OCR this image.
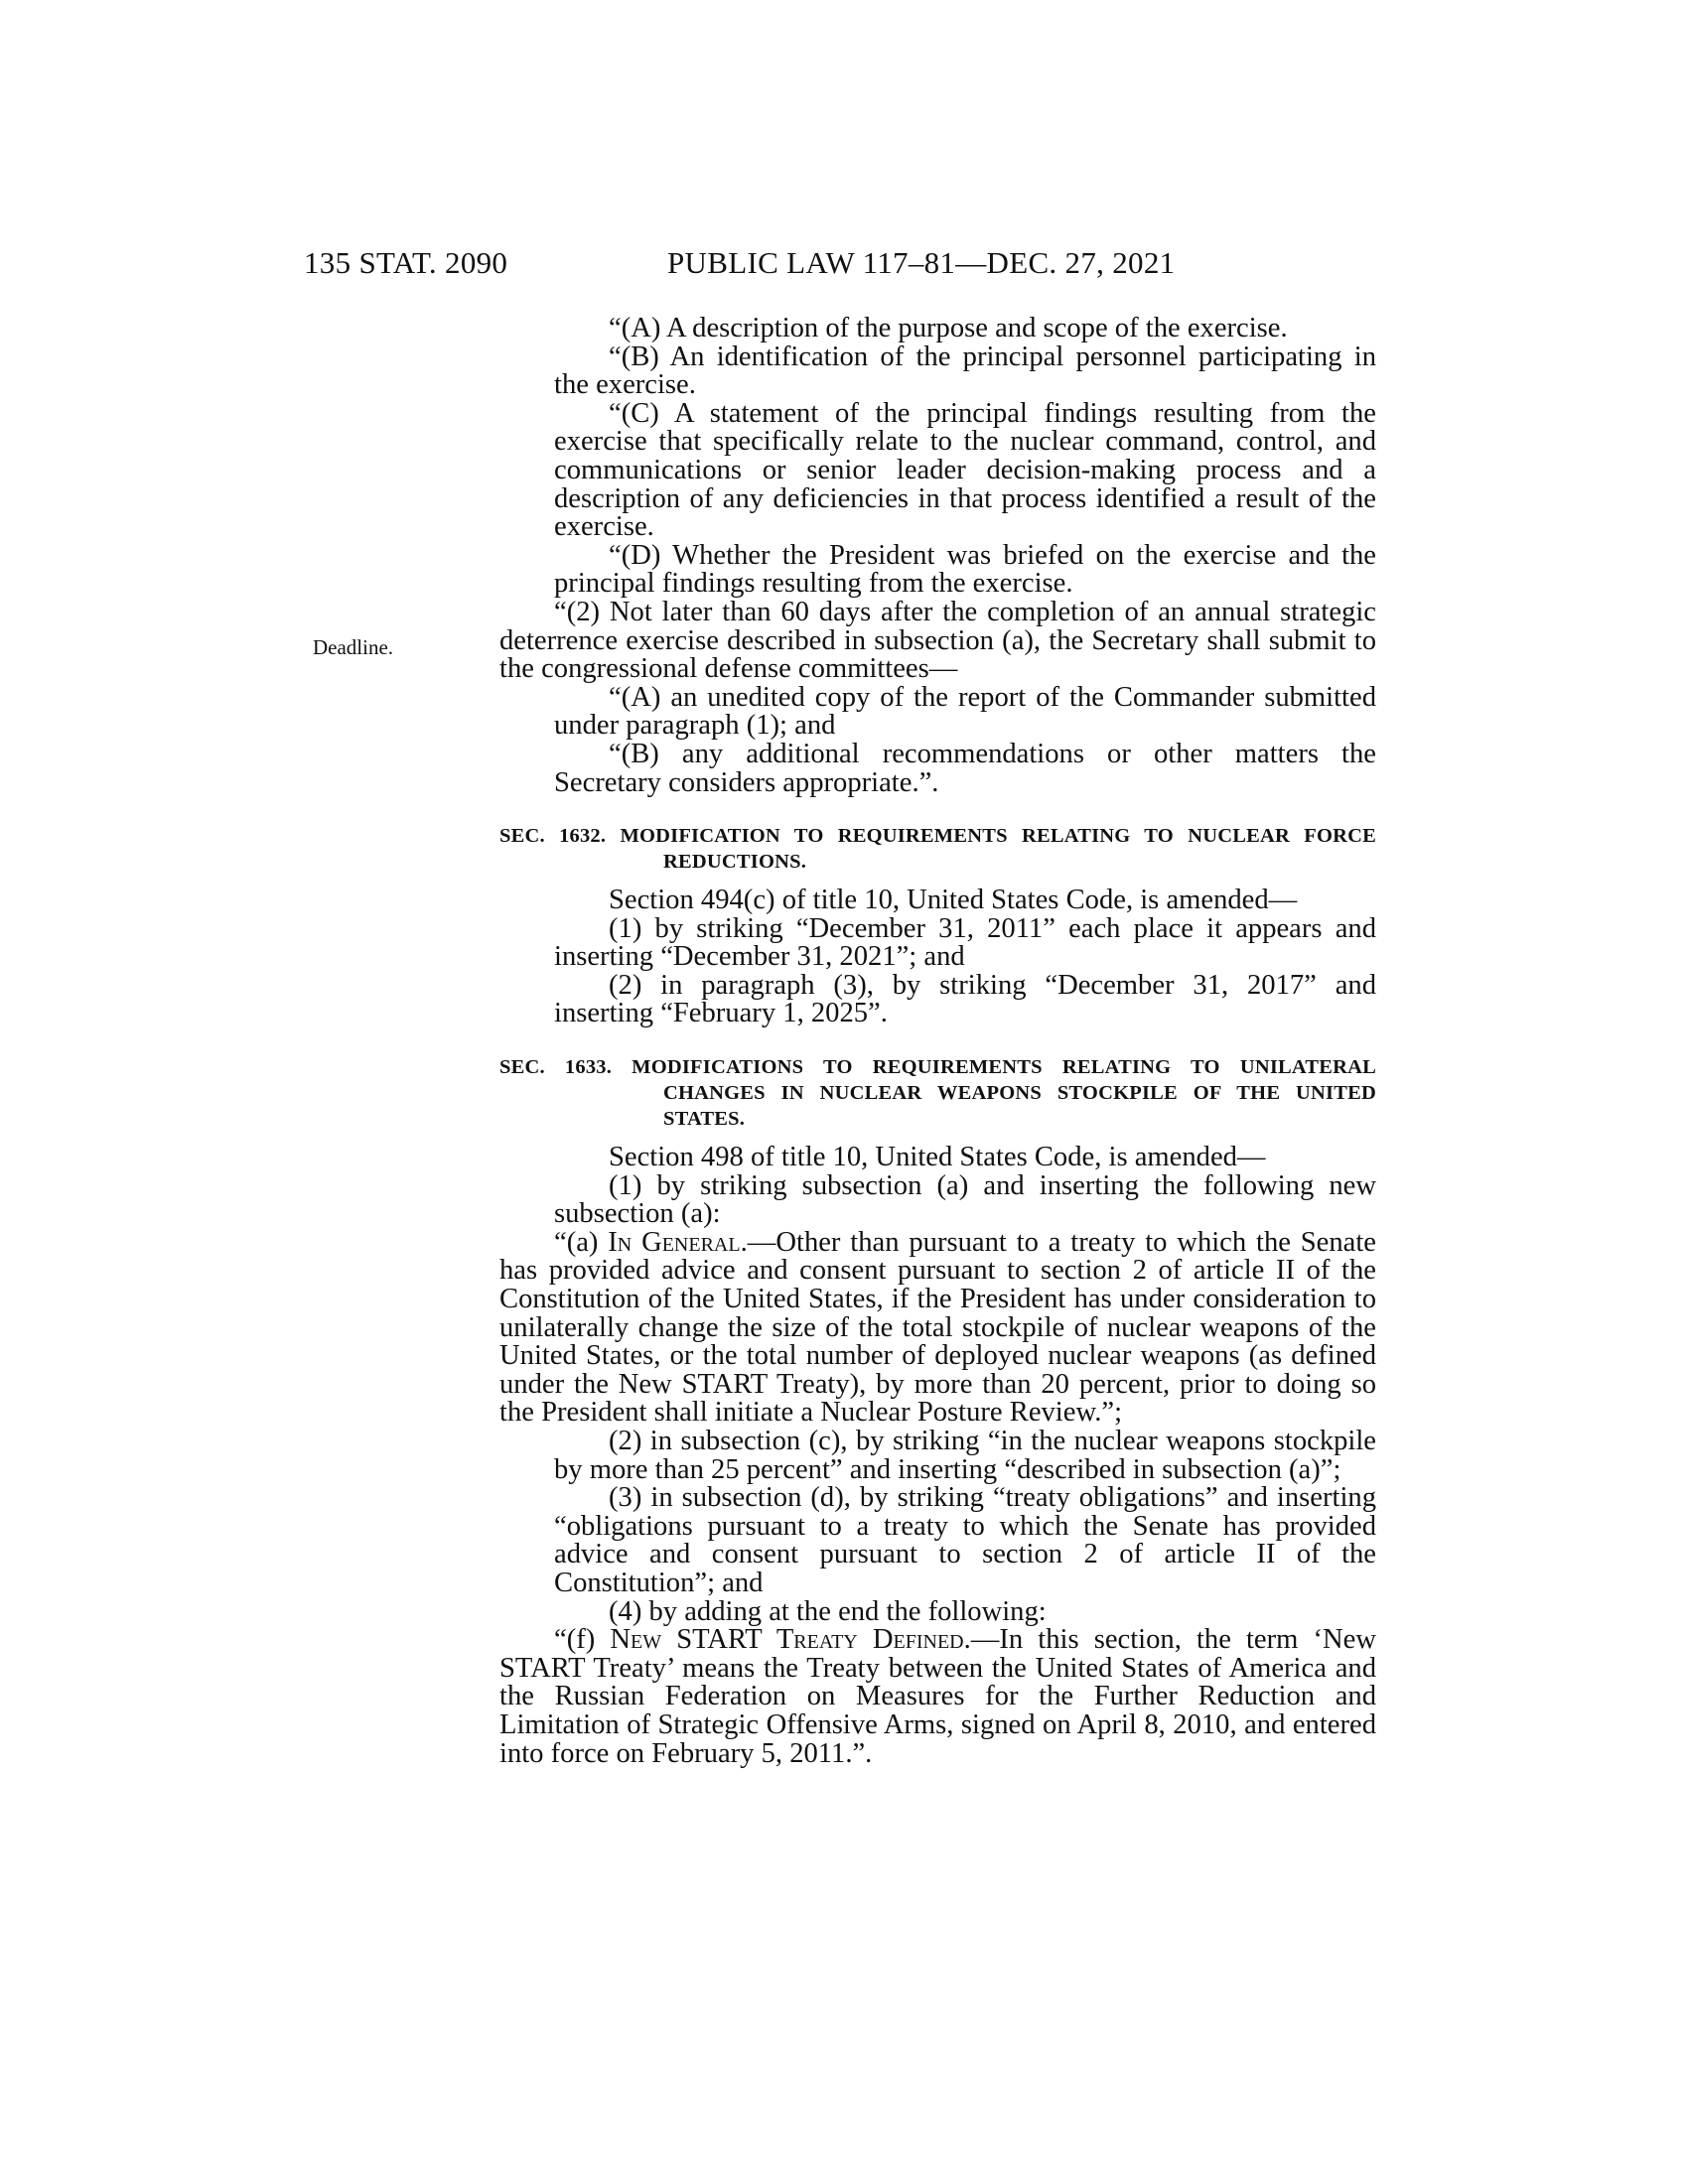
135 STAT. 2090	PUBLIC LAW 117–81—DEC. 27, 2021
Deadline.

“(A) A description of the purpose and scope of the exercise.

“(B) An identification of the principal personnel participating in the exercise.

“(C) A statement of the principal findings resulting from the exercise that specifically relate to the nuclear command, control, and communications or senior leader decision-making process and a description of any deficiencies in that process identified a result of the exercise.

“(D) Whether the President was briefed on the exercise and the principal findings resulting from the exercise.

“(2) Not later than 60 days after the completion of an annual strategic deterrence exercise described in subsection (a), the Secretary shall submit to the congressional defense committees—

“(A) an unedited copy of the report of the Commander submitted under paragraph (1); and

“(B) any additional recommendations or other matters the Secretary considers appropriate.”.

SEC. 1632. MODIFICATION TO REQUIREMENTS RELATING TO NUCLEAR FORCE REDUCTIONS.

Section 494(c) of title 10, United States Code, is amended—

(1) by striking “December 31, 2011” each place it appears and inserting “December 31, 2021”; and

(2) in paragraph (3), by striking “December 31, 2017” and inserting “February 1, 2025”.

SEC. 1633. MODIFICATIONS TO REQUIREMENTS RELATING TO UNILATERAL CHANGES IN NUCLEAR WEAPONS STOCKPILE OF THE UNITED STATES.

Section 498 of title 10, United States Code, is amended—

(1) by striking subsection (a) and inserting the following new subsection (a):

“(a) In General.—Other than pursuant to a treaty to which the Senate has provided advice and consent pursuant to section 2 of article II of the Constitution of the United States, if the President has under consideration to unilaterally change the size of the total stockpile of nuclear weapons of the United States, or the total number of deployed nuclear weapons (as defined under the New START Treaty), by more than 20 percent, prior to doing so the President shall initiate a Nuclear Posture Review.”;

(2) in subsection (c), by striking “in the nuclear weapons stockpile by more than 25 percent” and inserting “described in subsection (a)”;

(3) in subsection (d), by striking “treaty obligations” and inserting “obligations pursuant to a treaty to which the Senate has provided advice and consent pursuant to section 2 of article II of the Constitution”; and

(4) by adding at the end the following:

“(f) New START Treaty Defined.—In this section, the term ‘New START Treaty’ means the Treaty between the United States of America and the Russian Federation on Measures for the Further Reduction and Limitation of Strategic Offensive Arms, signed on April 8, 2010, and entered into force on February 5, 2011.”.
